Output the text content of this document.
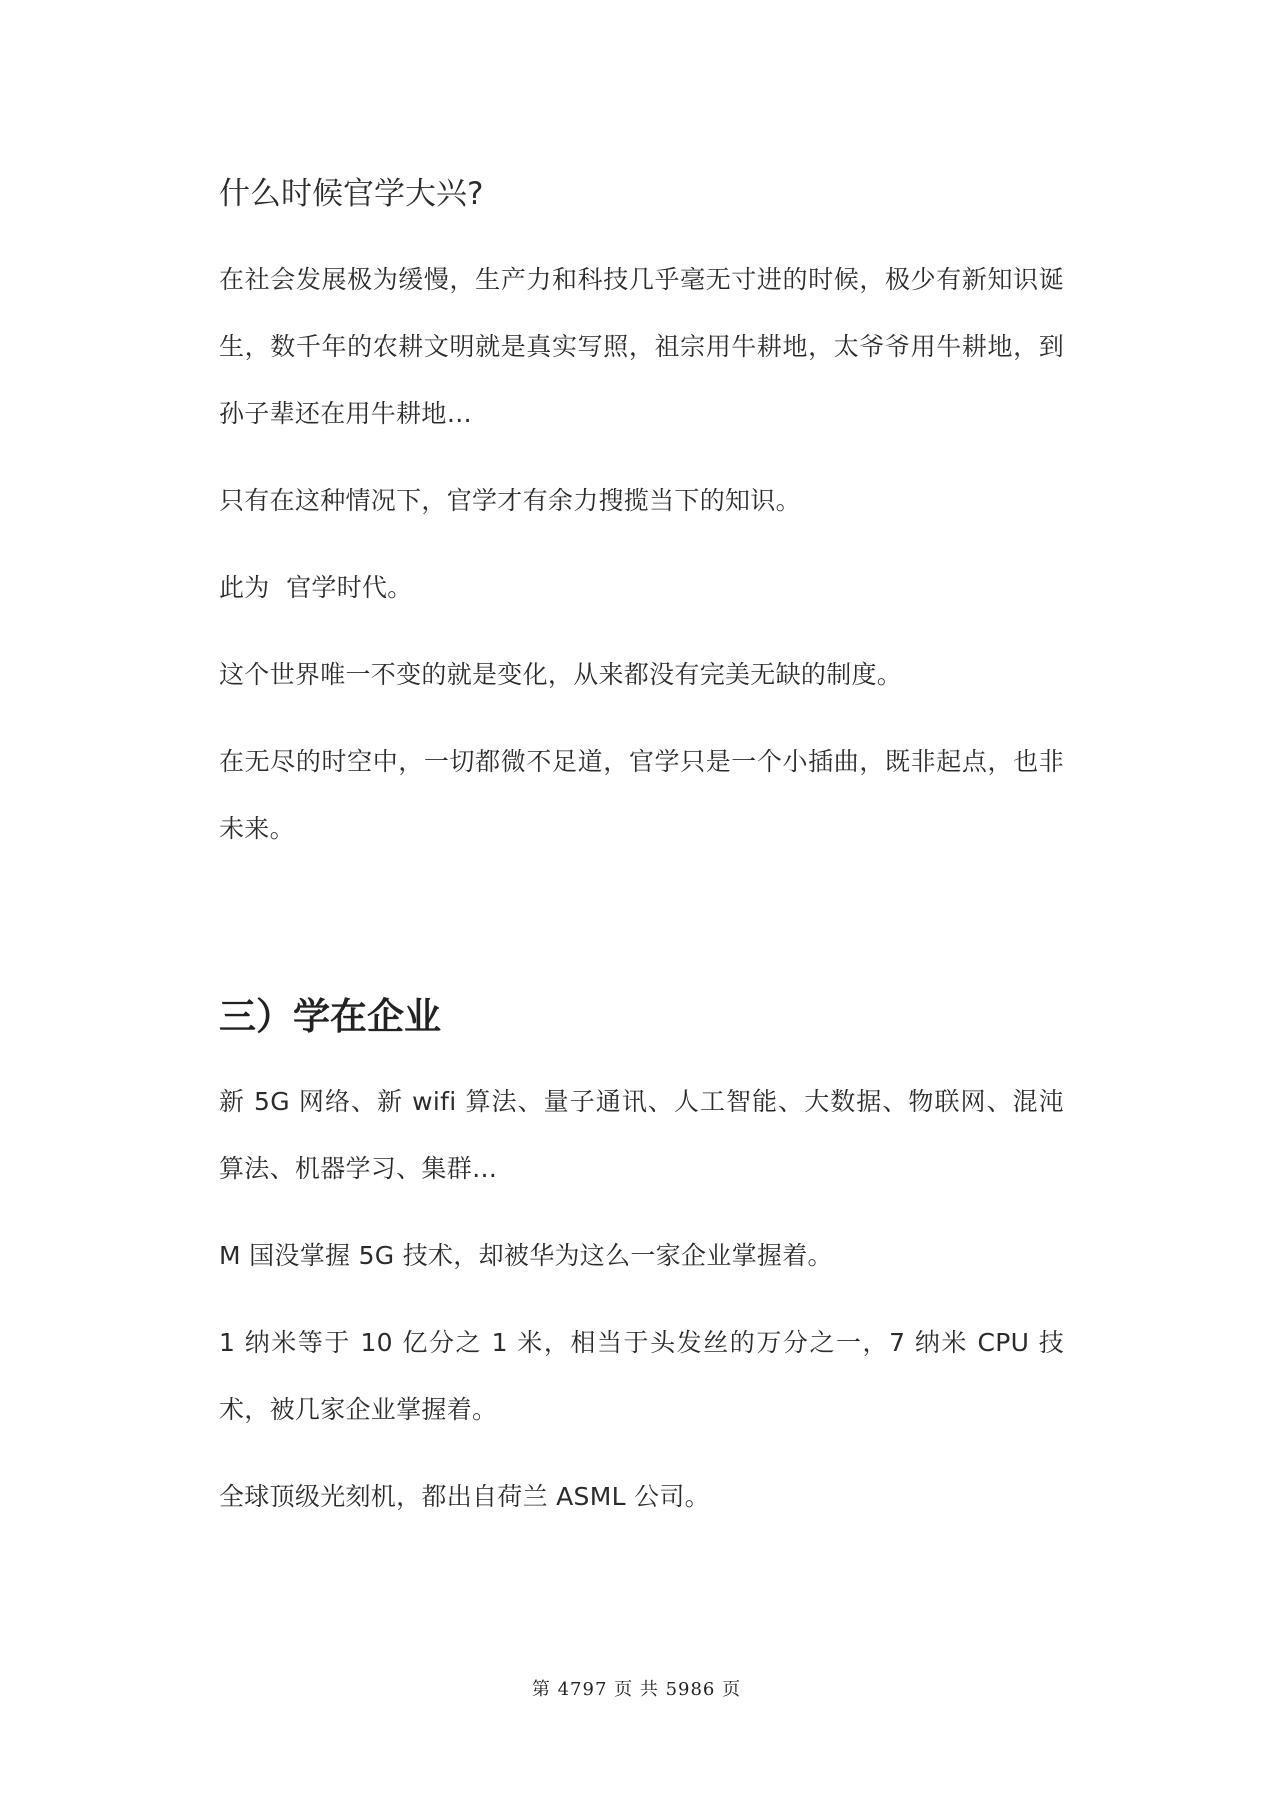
什么时候官学大兴?

在社会发展极为缓慢，生产力和科技几乎毫无寸进的时候，极少有新知识诞生，数千年的农耕文明就是真实写照，祖宗用牛耕地，太爷爷用牛耕地，到孙子辈还在用牛耕地…

只有在这种情况下，官学才有余力搜揽当下的知识。

此为  官学时代。

这个世界唯一不变的就是变化，从来都没有完美无缺的制度。

在无尽的时空中，一切都微不足道，官学只是一个小插曲，既非起点，也非未来。

三）学在企业

新 5G 网络、新 wifi 算法、量子通讯、人工智能、大数据、物联网、混沌算法、机器学习、集群…

M 国没掌握 5G 技术，却被华为这么一家企业掌握着。

1 纳米等于 10 亿分之 1 米，相当于头发丝的万分之一，7 纳米 CPU 技术，被几家企业掌握着。

全球顶级光刻机，都出自荷兰 ASML 公司。

第 4797 页 共 5986 页
